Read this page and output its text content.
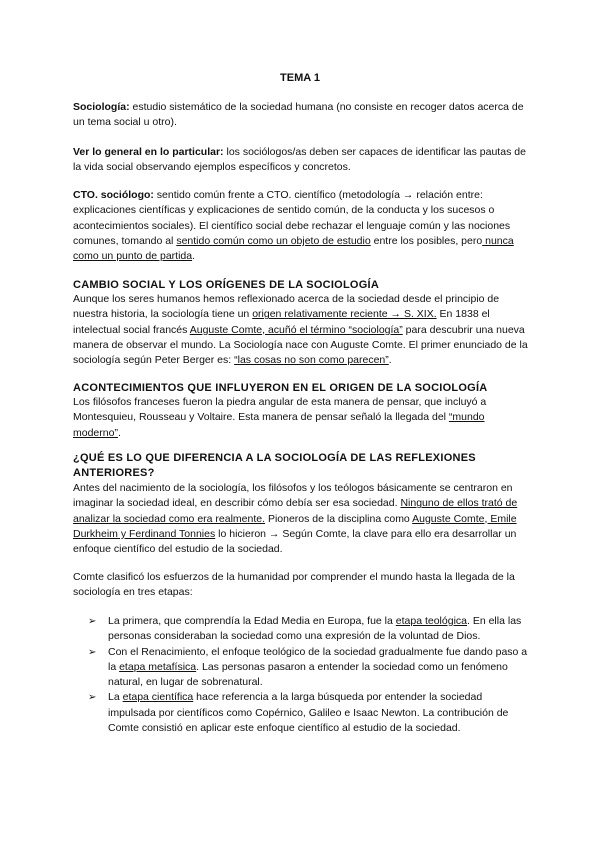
TEMA 1
Sociología: estudio sistemático de la sociedad humana (no consiste en recoger datos acerca de un tema social u otro).
Ver lo general en lo particular: los sociólogos/as deben ser capaces de identificar las pautas de la vida social observando ejemplos específicos y concretos.
CTO. sociólogo: sentido común frente a CTO. científico (metodología → relación entre: explicaciones científicas y explicaciones de sentido común, de la conducta y los sucesos o acontecimientos sociales). El científico social debe rechazar el lenguaje común y las nociones comunes, tomando al sentido común como un objeto de estudio entre los posibles, pero nunca como un punto de partida.
CAMBIO SOCIAL Y LOS ORÍGENES DE LA SOCIOLOGÍA
Aunque los seres humanos hemos reflexionado acerca de la sociedad desde el principio de nuestra historia, la sociología tiene un origen relativamente reciente → S. XIX. En 1838 el intelectual social francés Auguste Comte, acuñó el término “sociología” para descubrir una nueva manera de observar el mundo. La Sociología nace con Auguste Comte. El primer enunciado de la sociología según Peter Berger es: “las cosas no son como parecen”.
ACONTECIMIENTOS QUE INFLUYERON EN EL ORIGEN DE LA SOCIOLOGÍA
Los filósofos franceses fueron la piedra angular de esta manera de pensar, que incluyó a Montesquieu, Rousseau y Voltaire. Esta manera de pensar señaló la llegada del “mundo moderno”.
¿QUÉ ES LO QUE DIFERENCIA A LA SOCIOLOGÍA DE LAS REFLEXIONES ANTERIORES?
Antes del nacimiento de la sociología, los filósofos y los teólogos básicamente se centraron en imaginar la sociedad ideal, en describir cómo debía ser esa sociedad. Ninguno de ellos trató de analizar la sociedad como era realmente. Pioneros de la disciplina como Auguste Comte, Emile Durkheim y Ferdinand Tonnies lo hicieron → Según Comte, la clave para ello era desarrollar un enfoque científico del estudio de la sociedad.
Comte clasificó los esfuerzos de la humanidad por comprender el mundo hasta la llegada de la sociología en tres etapas:
➢ La primera, que comprendía la Edad Media en Europa, fue la etapa teológica. En ella las personas consideraban la sociedad como una expresión de la voluntad de Dios.
➢ Con el Renacimiento, el enfoque teológico de la sociedad gradualmente fue dando paso a la etapa metafísica. Las personas pasaron a entender la sociedad como un fenómeno natural, en lugar de sobrenatural.
➢ La etapa científica hace referencia a la larga búsqueda por entender la sociedad impulsada por científicos como Copérnico, Galileo e Isaac Newton. La contribución de Comte consistió en aplicar este enfoque científico al estudio de la sociedad.
